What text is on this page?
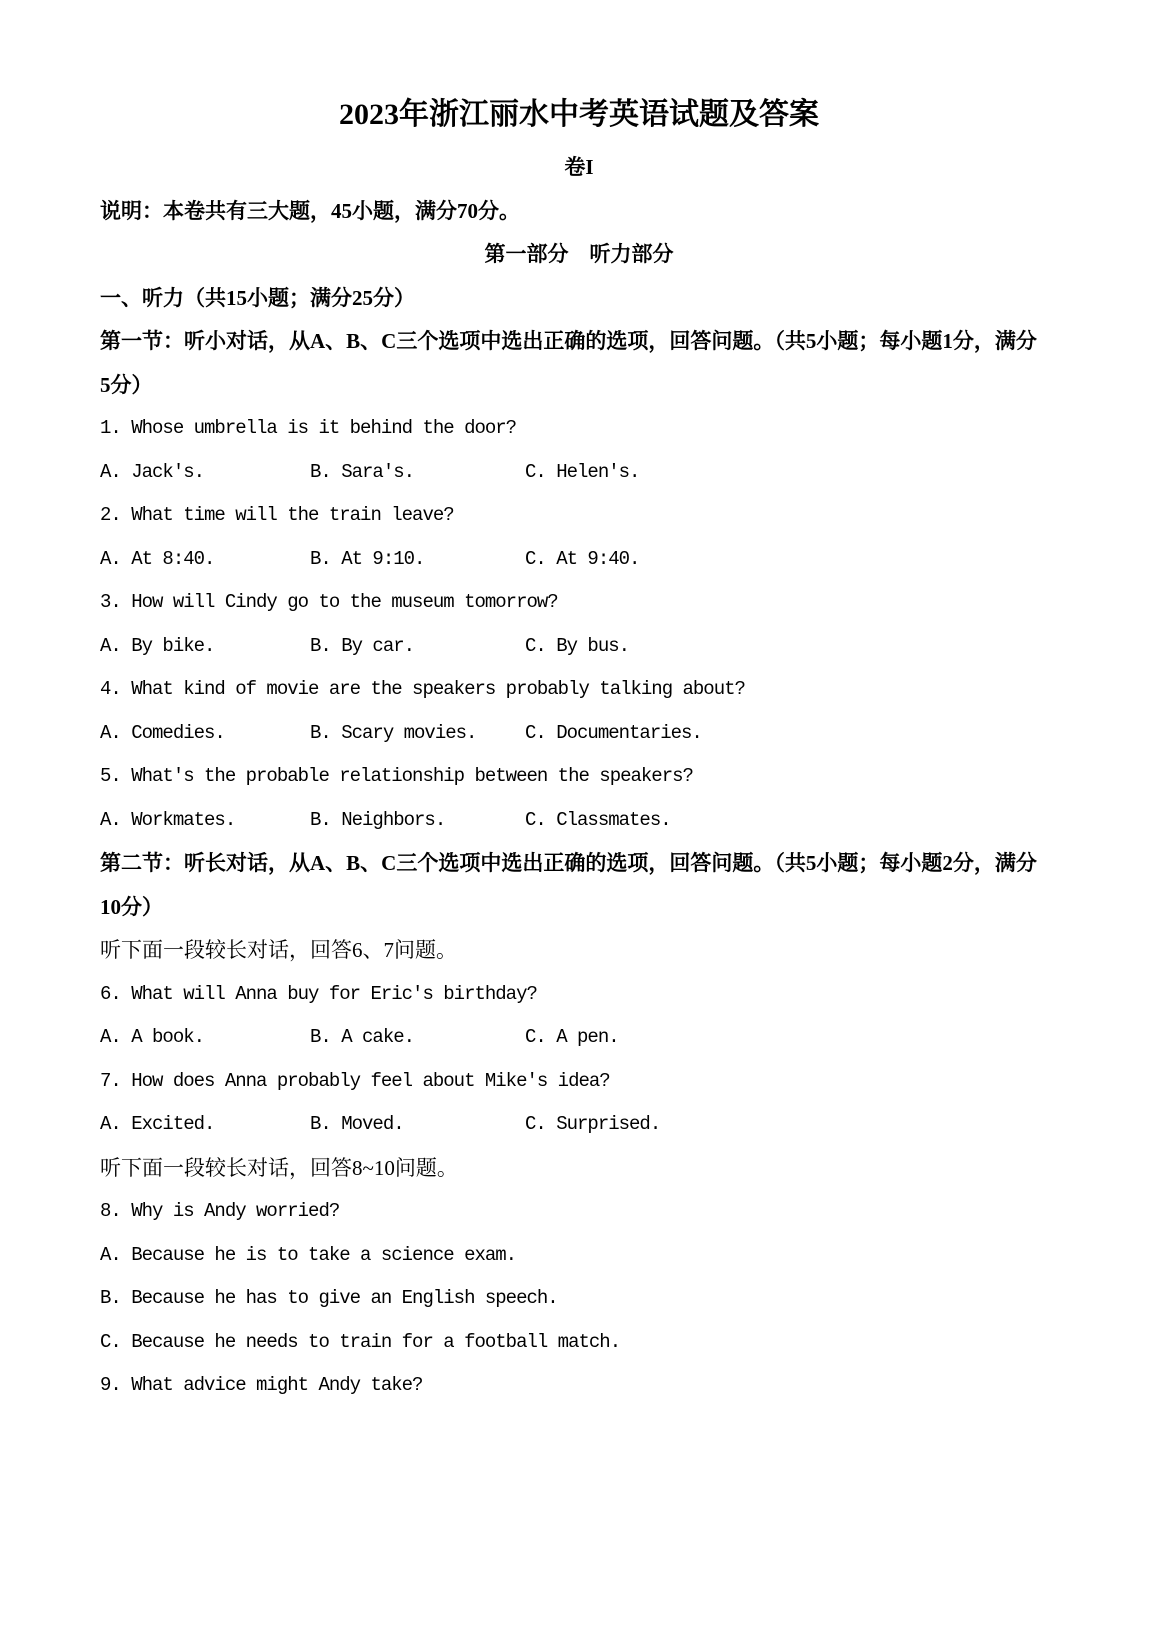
2023年浙江丽水中考英语试题及答案
卷I
说明：本卷共有三大题，45小题，满分70分。
第一部分　听力部分
一、听力（共15小题；满分25分）
第一节：听小对话，从A、B、C三个选项中选出正确的选项，回答问题。（共5小题；每小题1分，满分
5分）
1. Whose umbrella is it behind the door?
A. Jack's.	B. Sara's.	C. Helen's.
2. What time will the train leave?
A. At 8:40.	B. At 9:10.	C. At 9:40.
3. How will Cindy go to the museum tomorrow?
A. By bike.	B. By car.	C. By bus.
4. What kind of movie are the speakers probably talking about?
A. Comedies.	B. Scary movies.	C. Documentaries.
5. What's the probable relationship between the speakers?
A. Workmates.	B. Neighbors.	C. Classmates.
第二节：听长对话，从A、B、C三个选项中选出正确的选项，回答问题。（共5小题；每小题2分，满分
10分）
听下面一段较长对话，回答6、7问题。
6. What will Anna buy for Eric's birthday?
A. A book.	B. A cake.	C. A pen.
7. How does Anna probably feel about Mike's idea?
A. Excited.	B. Moved.	C. Surprised.
听下面一段较长对话，回答8~10问题。
8. Why is Andy worried?
A. Because he is to take a science exam.
B. Because he has to give an English speech.
C. Because he needs to train for a football match.
9. What advice might Andy take?
